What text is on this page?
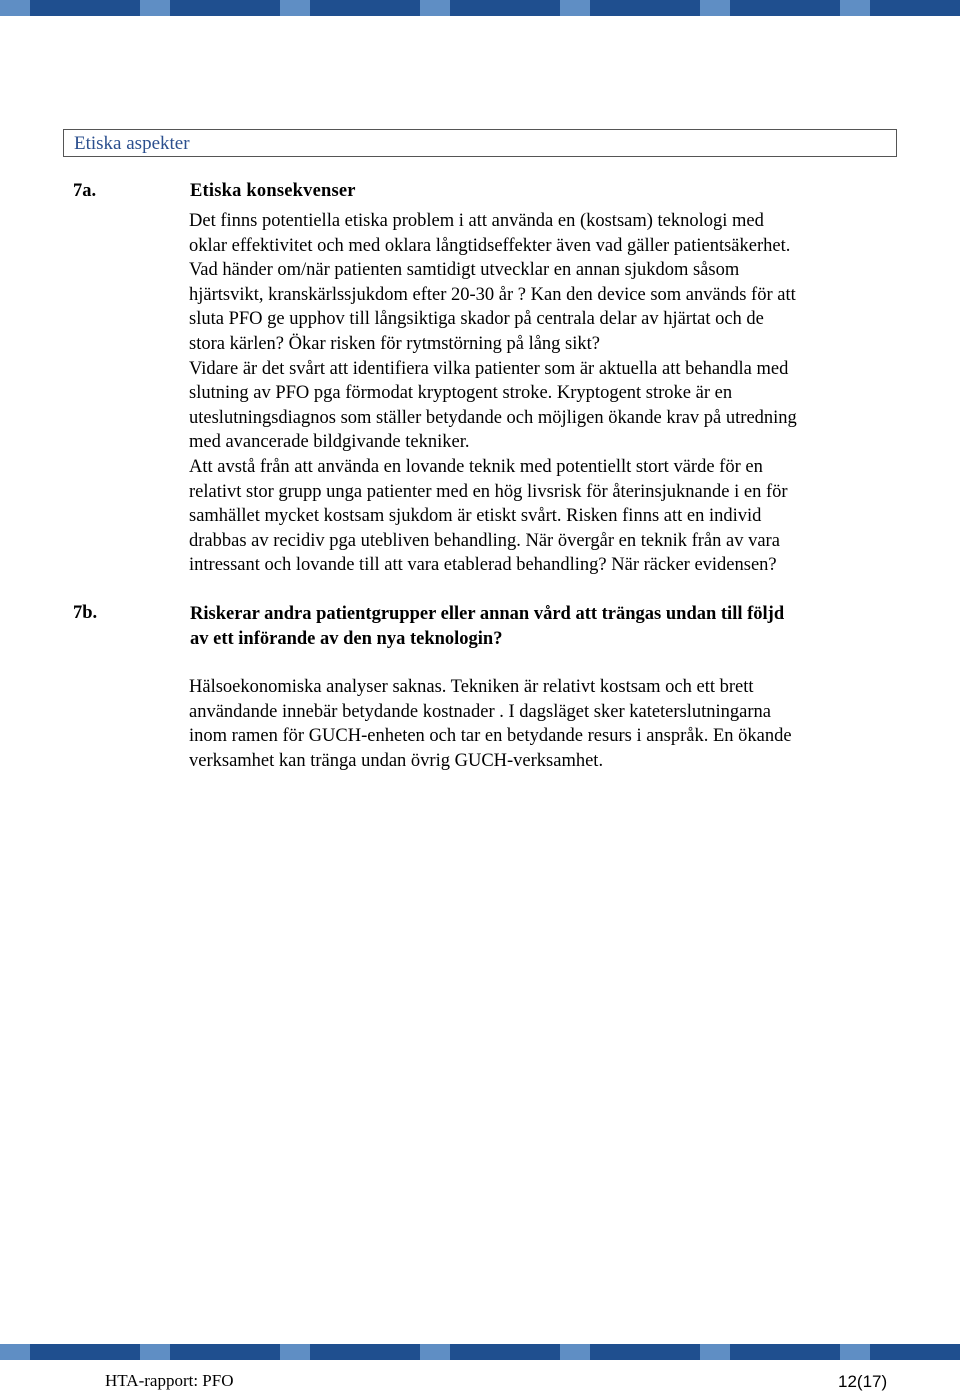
Etiska aspekter
7a.	Etiska konsekvenser
Det finns potentiella etiska problem i att använda en (kostsam) teknologi med
oklar effektivitet och med oklara långtidseffekter även vad gäller patientsäkerhet.
Vad händer om/när patienten samtidigt utvecklar en annan sjukdom såsom
hjärtsvikt, kranskärlssjukdom efter 20-30 år ? Kan den device som används för att
sluta PFO ge upphov till långsiktiga skador på centrala delar av hjärtat och de
stora kärlen? Ökar risken för rytmstörning på lång sikt?
Vidare är det svårt att identifiera vilka patienter som är aktuella att behandla med
slutning av PFO pga förmodat kryptogent stroke. Kryptogent stroke är en
uteslutningsdiagnos som ställer betydande och möjligen ökande krav på utredning
med avancerade bildgivande tekniker.
Att avstå från att använda en lovande teknik med potentiellt stort värde för en
relativt stor grupp unga patienter med en hög livsrisk för återinsjuknande i en för
samhället mycket kostsam sjukdom är etiskt svårt. Risken finns att en individ
drabbas av recidiv pga utebliven behandling. När övergår en teknik från av vara
intressant och lovande till att vara etablerad behandling? När räcker evidensen?
7b.	Riskerar andra patientgrupper eller annan vård att trängas undan till följd
av ett införande av den nya teknologin?
Hälsoekonomiska analyser saknas. Tekniken är relativt kostsam och ett brett
användande innebär betydande kostnader . I dagsläget sker kateterslutningarna
inom ramen för GUCH-enheten och tar en betydande resurs i anspråk. En ökande
verksamhet kan tränga undan övrig GUCH-verksamhet.
HTA-rapport: PFO	12(17)
